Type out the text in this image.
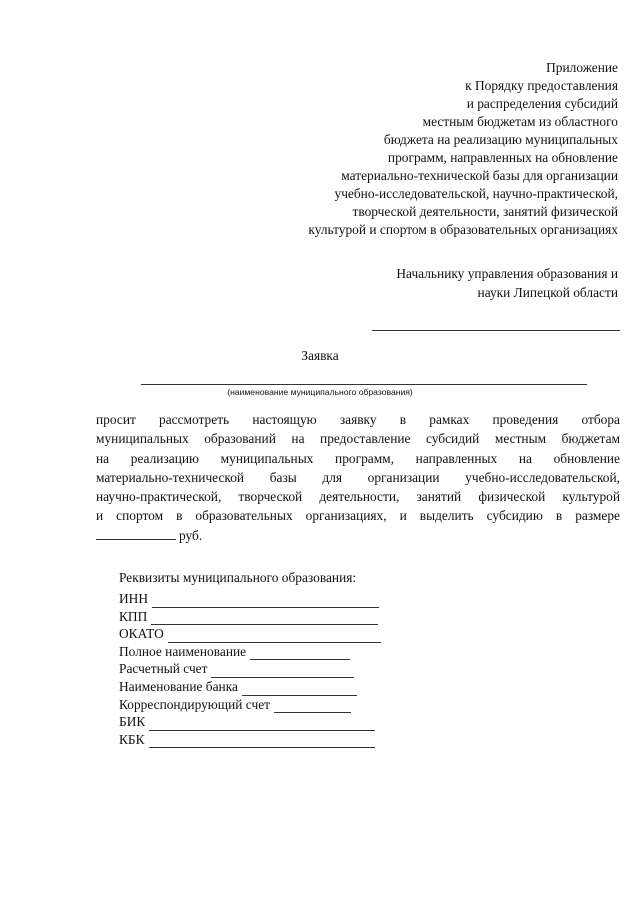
Приложение
к Порядку предоставления
и распределения субсидий
местным бюджетам из областного
бюджета на реализацию муниципальных
программ, направленных на обновление
материально-технической базы для организации
учебно-исследовательской, научно-практической,
творческой деятельности, занятий физической
культурой и спортом в образовательных организациях
Начальнику управления образования и
науки Липецкой области
Заявка
(наименование муниципального образования)
просит рассмотреть настоящую заявку в рамках проведения отбора
муниципальных образований на предоставление субсидий местным бюджетам
на реализацию муниципальных программ, направленных на обновление
материально-технической базы для организации учебно-исследовательской,
научно-практической, творческой деятельности, занятий физической культурой
и спортом в образовательных организациях, и выделить субсидию в размере
руб.
Реквизиты муниципального образования:
ИНН
КПП
ОКАТО
Полное наименование
Расчетный счет
Наименование банка
Корреспондирующий счет
БИК
КБК
